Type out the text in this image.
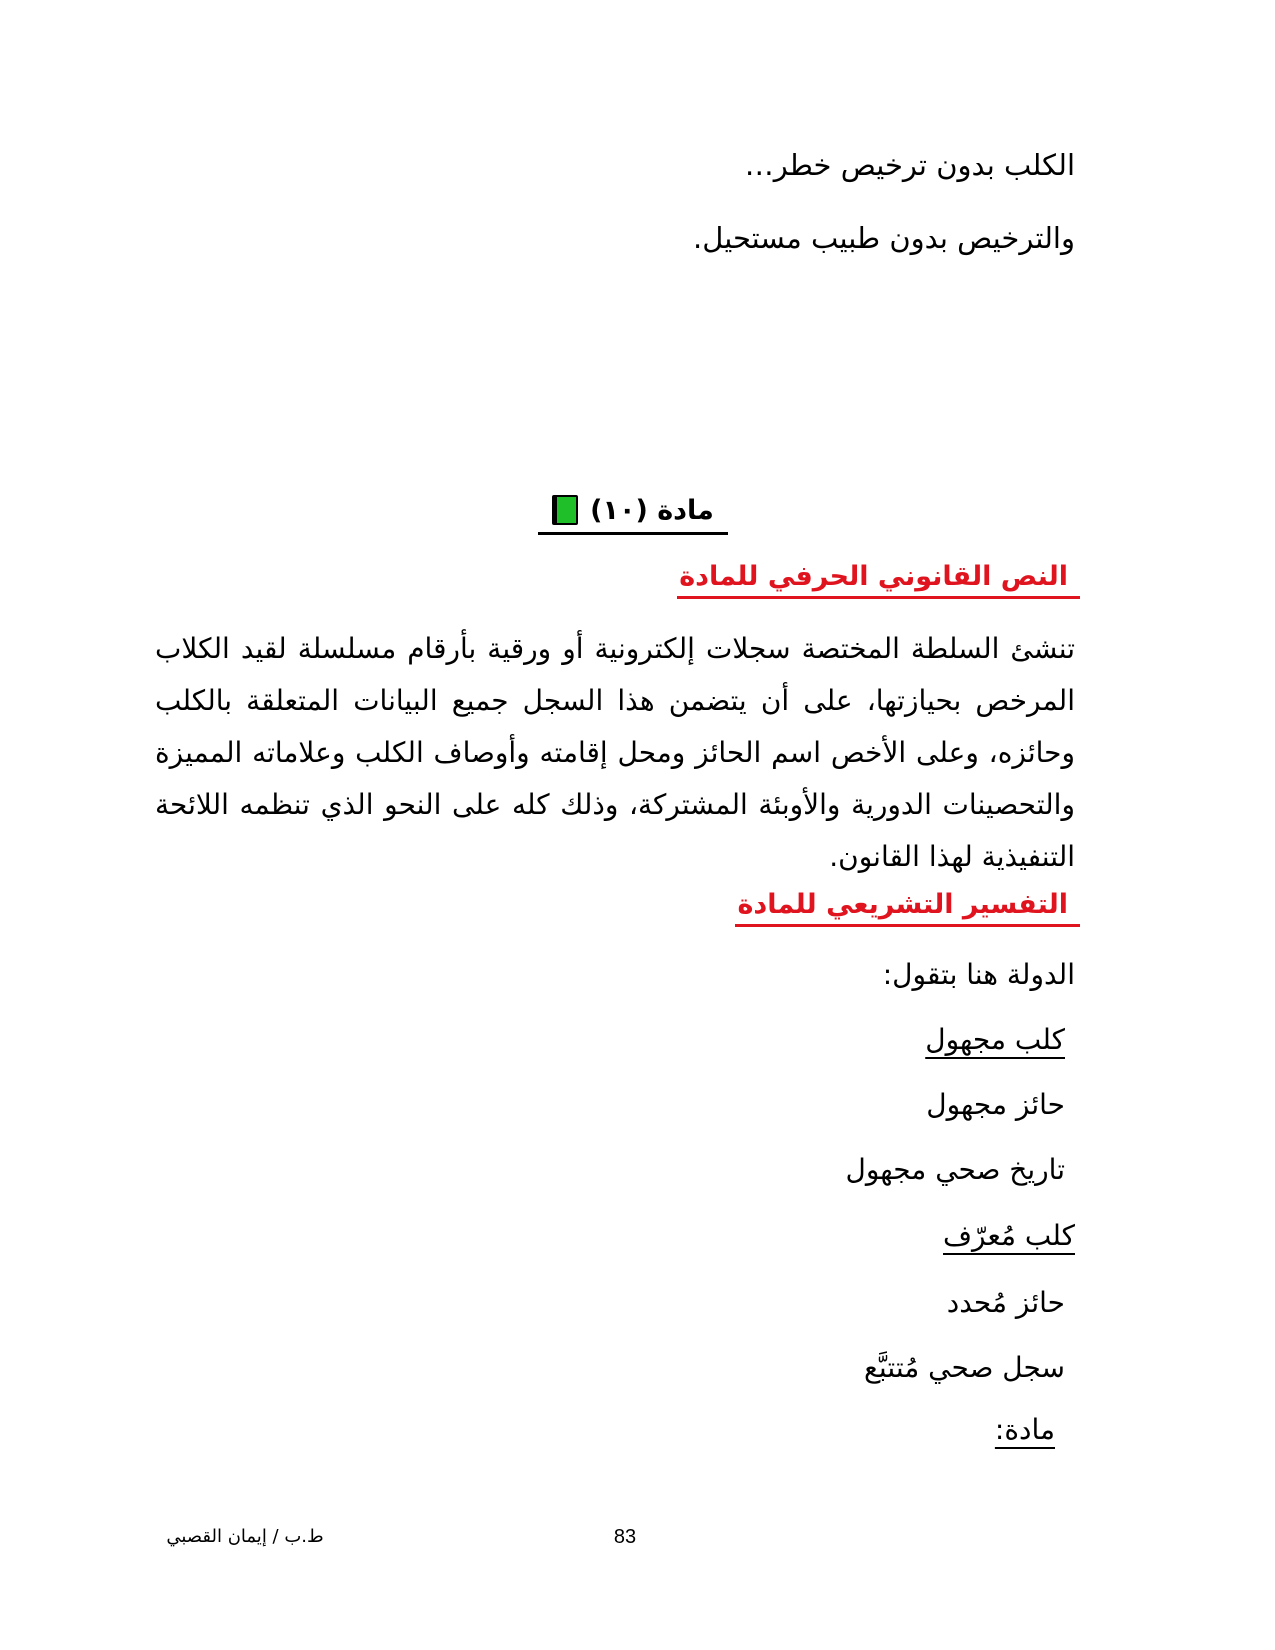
الكلب بدون ترخيص خطر…
والترخيص بدون طبيب مستحيل.
مادة (١٠)
النص القانوني الحرفي للمادة
تنشئ السلطة المختصة سجلات إلكترونية أو ورقية بأرقام مسلسلة لقيد الكلاب المرخص بحيازتها، على أن يتضمن هذا السجل جميع البيانات المتعلقة بالكلب وحائزه، وعلى الأخص اسم الحائز ومحل إقامته وأوصاف الكلب وعلاماته المميزة والتحصينات الدورية والأوبئة المشتركة، وذلك كله على النحو الذي تنظمه اللائحة التنفيذية لهذا القانون.
التفسير التشريعي للمادة
الدولة هنا بتقول:
كلب مجهول
حائز مجهول
تاريخ صحي مجهول
كلب مُعرّف
حائز مُحدد
سجل صحي مُتتبَّع
مادة:
ط.ب / إيمان القصبي	83
